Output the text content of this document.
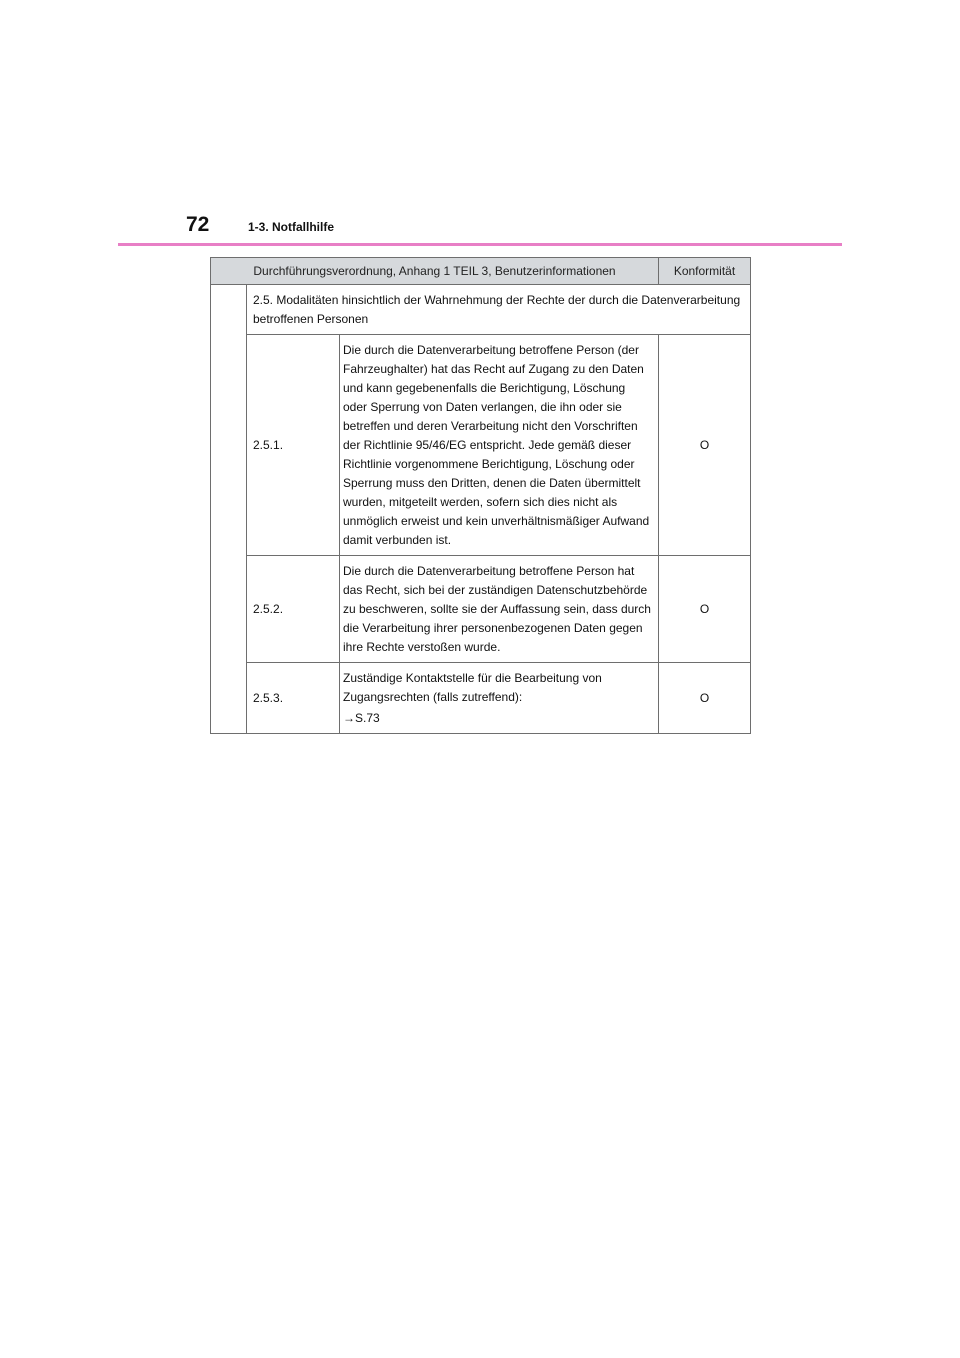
72	1-3. Notfallhilfe
Durchführungsverordnung, Anhang 1 TEIL 3, Benutzerinformationen			Konformität
	2.5. Modalitäten hinsichtlich der Wahrnehmung der Rechte der durch die Datenverarbeitung betroffenen Personen		
	2.5.1.	Die durch die Datenverarbeitung betroffene Person (der Fahrzeughalter) hat das Recht auf Zugang zu den Daten und kann gegebenenfalls die Berichtigung, Löschung oder Sperrung von Daten verlangen, die ihn oder sie betreffen und deren Verarbeitung nicht den Vorschriften der Richtlinie 95/46/EG entspricht. Jede gemäß dieser Richtlinie vorgenommene Berichtigung, Löschung oder Sperrung muss den Dritten, denen die Daten übermittelt wurden, mitgeteilt werden, sofern sich dies nicht als unmöglich erweist und kein unverhältnismäßiger Aufwand damit verbunden ist.	O
	2.5.2.	Die durch die Datenverarbeitung betroffene Person hat das Recht, sich bei der zuständigen Datenschutzbehörde zu beschweren, sollte sie der Auffassung sein, dass durch die Verarbeitung ihrer personenbezogenen Daten gegen ihre Rechte verstoßen wurde.	O
	2.5.3.	Zuständige Kontaktstelle für die Bearbeitung von Zugangsrechten (falls zutreffend):
→S.73	O
